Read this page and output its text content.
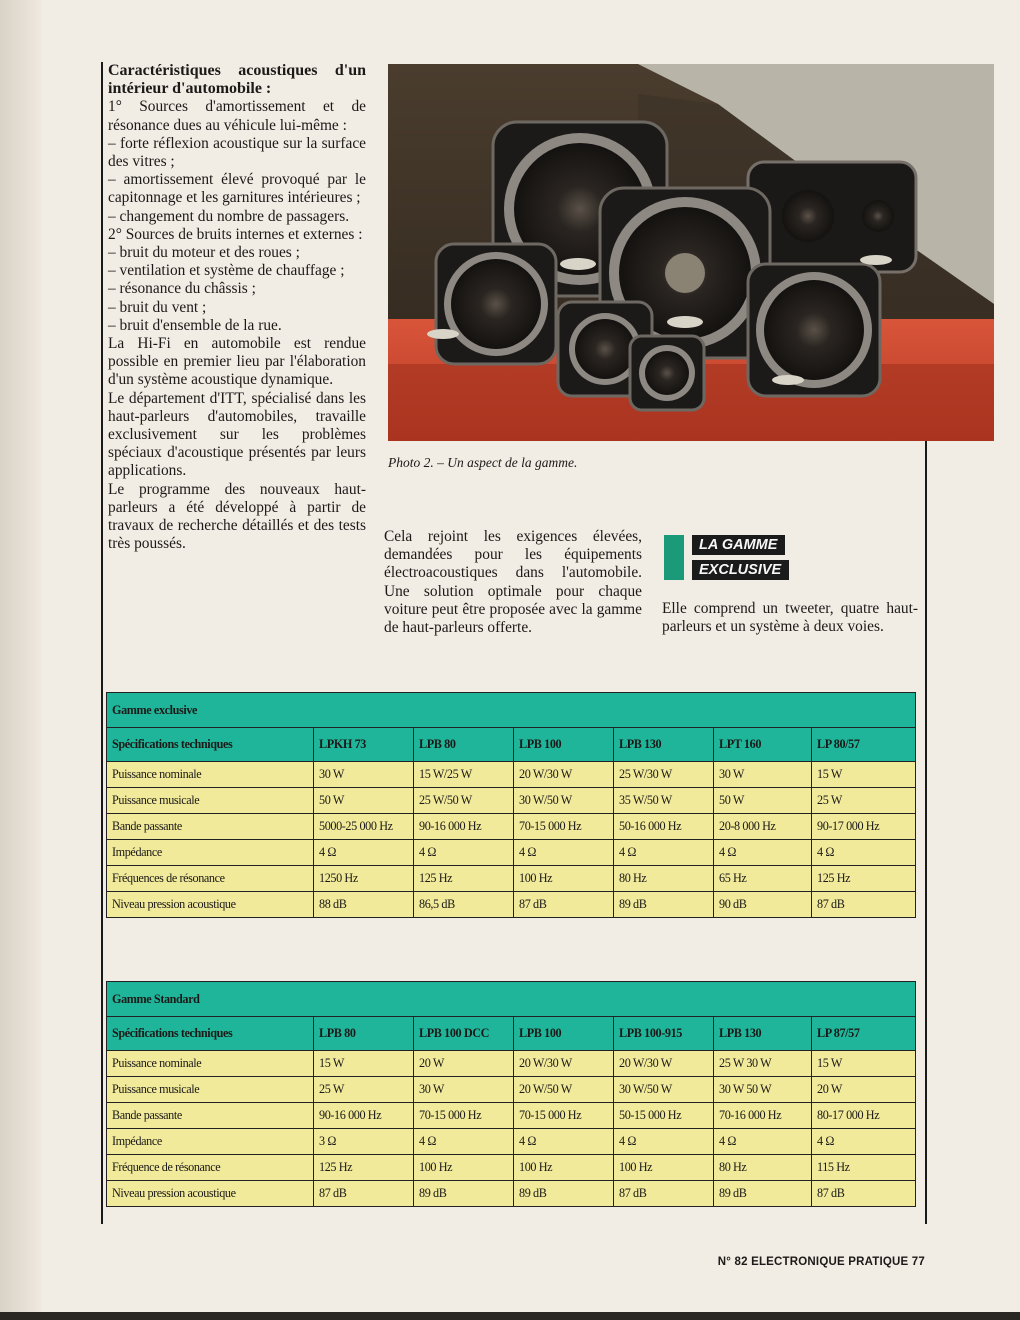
Caractéristiques acoustiques d'un intérieur d'automobile :

1° Sources d'amortissement et de résonance dues au véhicule lui-même :

– forte réflexion acoustique sur la surface des vitres ;

– amortissement élevé provoqué par le capitonnage et les garnitures intérieures ;

– changement du nombre de passagers.

2° Sources de bruits internes et externes :

– bruit du moteur et des roues ;

– ventilation et système de chauffage ;

– résonance du châssis ;

– bruit du vent ;

– bruit d'ensemble de la rue.

La Hi-Fi en automobile est rendue possible en premier lieu par l'élaboration d'un système acoustique dynamique.

Le département d'ITT, spécialisé dans les haut-parleurs d'automobiles, travaille exclusivement sur les problèmes spéciaux d'acoustique présentés par leurs applications.

Le programme des nouveaux haut-parleurs a été développé à partir de travaux de recherche détaillés et des tests très poussés.

Photo 2. – Un aspect de la gamme.

Cela rejoint les exigences élevées, demandées pour les équipements électroacoustiques dans l'automobile. Une solution optimale pour chaque voiture peut être proposée avec la gamme de haut-parleurs offerte.

LA GAMME
EXCLUSIVE

Elle comprend un tweeter, quatre haut-parleurs et un système à deux voies.

Gamme exclusive						
Spécifications techniques	LPKH 73	LPB 80	LPB 100	LPB 130	LPT 160	LP 80/57
Puissance nominale	30 W	15 W/25 W	20 W/30 W	25 W/30 W	30 W	15 W
Puissance musicale	50 W	25 W/50 W	30 W/50 W	35 W/50 W	50 W	25 W
Bande passante	5000-25 000 Hz	90-16 000 Hz	70-15 000 Hz	50-16 000 Hz	20-8 000 Hz	90-17 000 Hz
Impédance	4 Ω	4 Ω	4 Ω	4 Ω	4 Ω	4 Ω
Fréquences de résonance	1250 Hz	125 Hz	100 Hz	80 Hz	65 Hz	125 Hz
Niveau pression acoustique	88 dB	86,5 dB	87 dB	89 dB	90 dB	87 dB
Gamme Standard						
Spécifications techniques	LPB 80	LPB 100 DCC	LPB 100	LPB 100-915	LPB 130	LP 87/57
Puissance nominale	15 W	20 W	20 W/30 W	20 W/30 W	25 W 30 W	15 W
Puissance musicale	25 W	30 W	20 W/50 W	30 W/50 W	30 W 50 W	20 W
Bande passante	90-16 000 Hz	70-15 000 Hz	70-15 000 Hz	50-15 000 Hz	70-16 000 Hz	80-17 000 Hz
Impédance	3 Ω	4 Ω	4 Ω	4 Ω	4 Ω	4 Ω
Fréquence de résonance	125 Hz	100 Hz	100 Hz	100 Hz	80 Hz	115 Hz
Niveau pression acoustique	87 dB	89 dB	89 dB	87 dB	89 dB	87 dB
N° 82 ELECTRONIQUE PRATIQUE 77
